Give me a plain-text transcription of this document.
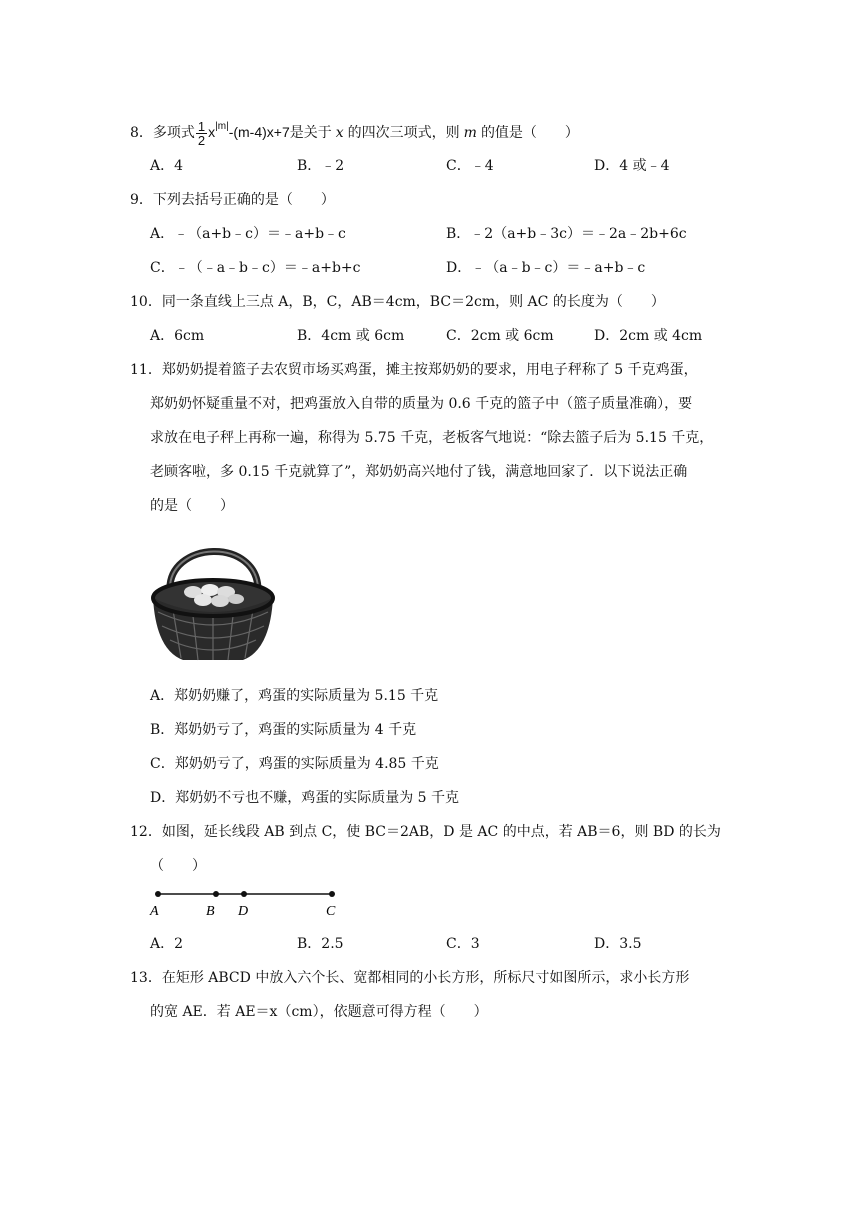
8．多项式 $\frac{1}{2} x^{|m|}-(m-4)x+7$是关于 x 的四次三项式，则 m 的值是（　　）
A．4	B．﹣2	C．﹣4	D．4 或﹣4
9．下列去括号正确的是（　　）
A．﹣（a+b﹣c）＝﹣a+b﹣c	B．﹣2（a+b﹣3c）＝﹣2a﹣2b+6c
C．﹣（﹣a﹣b﹣c）＝﹣a+b+c	D．﹣（a﹣b﹣c）＝﹣a+b﹣c
10．同一条直线上三点 A，B，C，AB＝4cm，BC＝2cm，则 AC 的长度为（　　）
A．6cm	B．4cm 或 6cm	C．2cm 或 6cm	D．2cm 或 4cm
11．郑奶奶提着篮子去农贸市场买鸡蛋，摊主按郑奶奶的要求，用电子秤称了 5 千克鸡蛋，
郑奶奶怀疑重量不对，把鸡蛋放入自带的质量为 0.6 千克的篮子中（篮子质量准确），要
求放在电子秤上再称一遍，称得为 5.75 千克，老板客气地说：“除去篮子后为 5.15 千克，
老顾客啦，多 0.15 千克就算了”，郑奶奶高兴地付了钱，满意地回家了．以下说法正确
的是（　　）
A．郑奶奶赚了，鸡蛋的实际质量为 5.15 千克
B．郑奶奶亏了，鸡蛋的实际质量为 4 千克
C．郑奶奶亏了，鸡蛋的实际质量为 4.85 千克
D．郑奶奶不亏也不赚，鸡蛋的实际质量为 5 千克
12．如图，延长线段 AB 到点 C，使 BC＝2AB，D 是 AC 的中点，若 AB＝6，则 BD 的长为
（　　）
A	B D	C
A．2	B．2.5	C．3	D．3.5
13．在矩形 ABCD 中放入六个长、宽都相同的小长方形，所标尺寸如图所示，求小长方形
的宽 AE．若 AE＝x（cm），依题意可得方程（　　）
